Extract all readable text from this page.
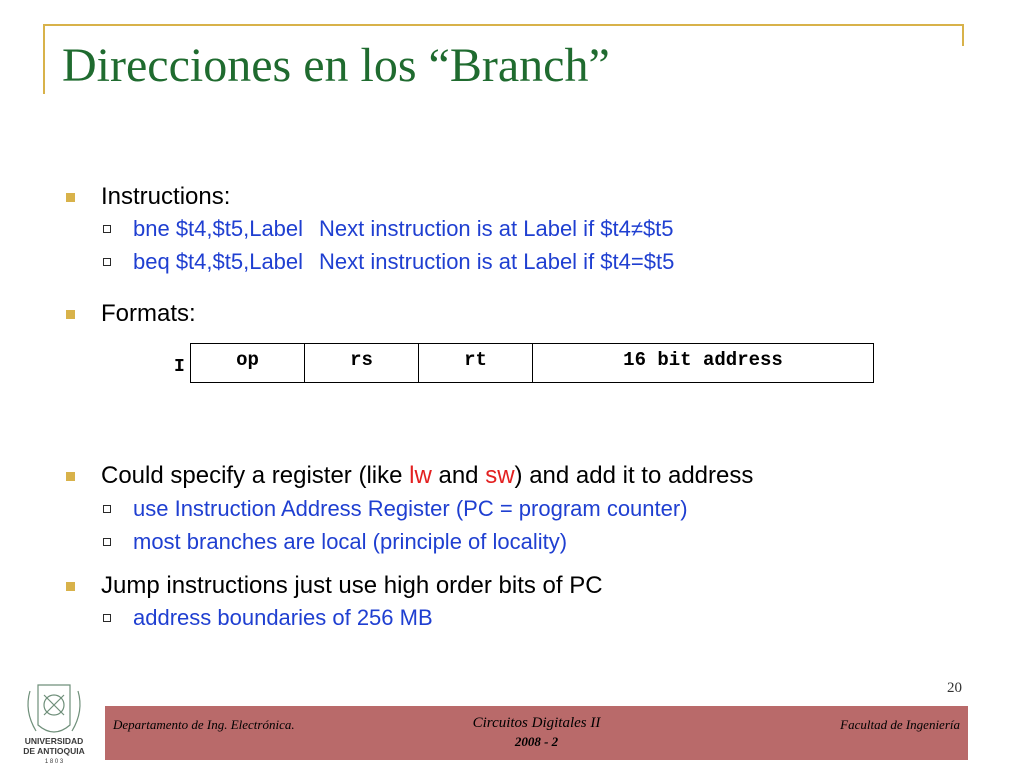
Direcciones en los “Branch”
Instructions:
bne $t4,$t5,Label Next instruction is at Label if $t4≠$t5
beq $t4,$t5,Label Next instruction is at Label if $t4=$t5
Formats:
I	op	rs	rt	16 bit address
Could specify a register (like lw and sw) and add it to address
use Instruction Address Register (PC = program counter)
most branches are local (principle of locality)
Jump instructions just use high order bits of PC
address boundaries of 256 MB
20
UNIVERSIDAD
DE ANTIOQUIA
1 8 0 3
Departamento de Ing. Electrónica.	Circuitos Digitales II
2008 - 2
Facultad de Ingeniería
